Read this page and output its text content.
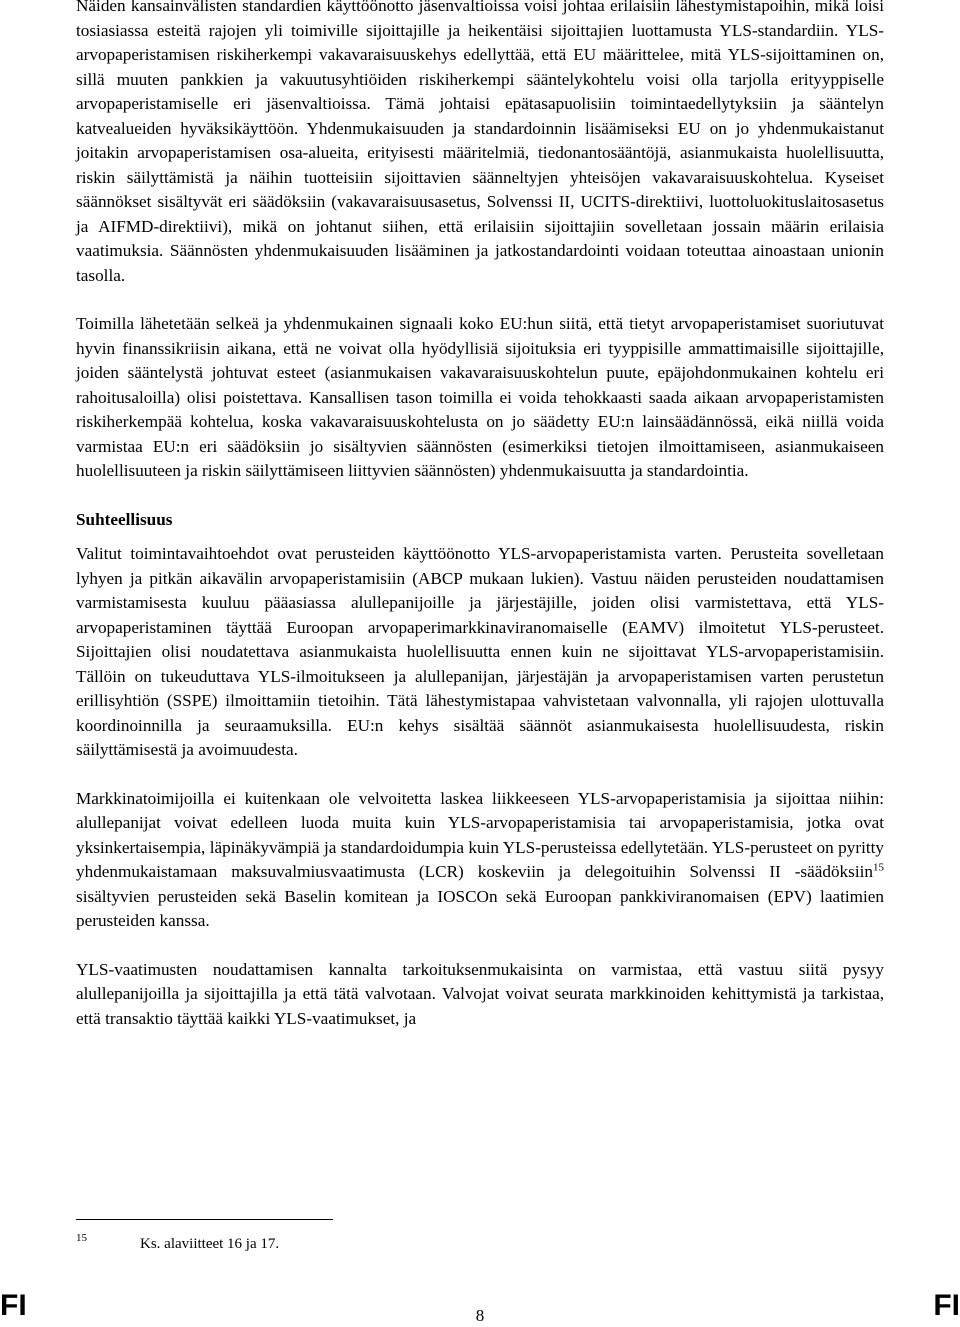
Näiden kansainvälisten standardien käyttöönotto jäsenvaltioissa voisi johtaa erilaisiin lähestymistapoihin, mikä loisi tosiasiassa esteitä rajojen yli toimiville sijoittajille ja heikentäisi sijoittajien luottamusta YLS-standardiin. YLS-arvopaperistamisen riskiherkempi vakavaraisuuskehys edellyttää, että EU määrittelee, mitä YLS-sijoittaminen on, sillä muuten pankkien ja vakuutusyhtiöiden riskiherkempi sääntelykohtelu voisi olla tarjolla erityyppiselle arvopaperistamiselle eri jäsenvaltioissa. Tämä johtaisi epätasapuolisiin toimintaedellytyksiin ja sääntelyn katvealueiden hyväksikäyttöön. Yhdenmukaisuuden ja standardoinnin lisäämiseksi EU on jo yhdenmukaistanut joitakin arvopaperistamisen osa-alueita, erityisesti määritelmiä, tiedonantosääntöjä, asianmukaista huolellisuutta, riskin säilyttämistä ja näihin tuotteisiin sijoittavien säänneltyjen yhteisöjen vakavaraisuuskohtelua. Kyseiset säännökset sisältyvät eri säädöksiin (vakavaraisuusasetus, Solvenssi II, UCITS-direktiivi, luottoluokituslaitosasetus ja AIFMD-direktiivi), mikä on johtanut siihen, että erilaisiin sijoittajiin sovelletaan jossain määrin erilaisia vaatimuksia. Säännösten yhdenmukaisuuden lisääminen ja jatkostandardointi voidaan toteuttaa ainoastaan unionin tasolla.

Toimilla lähetetään selkeä ja yhdenmukainen signaali koko EU:hun siitä, että tietyt arvopaperistamiset suoriutuvat hyvin finanssikriisin aikana, että ne voivat olla hyödyllisiä sijoituksia eri tyyppisille ammattimaisille sijoittajille, joiden sääntelystä johtuvat esteet (asianmukaisen vakavaraisuuskohtelun puute, epäjohdonmukainen kohtelu eri rahoitusaloilla) olisi poistettava. Kansallisen tason toimilla ei voida tehokkaasti saada aikaan arvopaperistamisten riskiherkempää kohtelua, koska vakavaraisuuskohtelusta on jo säädetty EU:n lainsäädännössä, eikä niillä voida varmistaa EU:n eri säädöksiin jo sisältyvien säännösten (esimerkiksi tietojen ilmoittamiseen, asianmukaiseen huolellisuuteen ja riskin säilyttämiseen liittyvien säännösten) yhdenmukaisuutta ja standardointia.

Suhteellisuus

Valitut toimintavaihtoehdot ovat perusteiden käyttöönotto YLS-arvopaperistamista varten. Perusteita sovelletaan lyhyen ja pitkän aikavälin arvopaperistamisiin (ABCP mukaan lukien). Vastuu näiden perusteiden noudattamisen varmistamisesta kuuluu pääasiassa alullepanijoille ja järjestäjille, joiden olisi varmistettava, että YLS-arvopaperistaminen täyttää Euroopan arvopaperimarkkinaviranomaiselle (EAMV) ilmoitetut YLS-perusteet. Sijoittajien olisi noudatettava asianmukaista huolellisuutta ennen kuin ne sijoittavat YLS-arvopaperistamisiin. Tällöin on tukeuduttava YLS-ilmoitukseen ja alullepanijan, järjestäjän ja arvopaperistamisen varten perustetun erillisyhtiön (SSPE) ilmoittamiin tietoihin. Tätä lähestymistapaa vahvistetaan valvonnalla, yli rajojen ulottuvalla koordinoinnilla ja seuraamuksilla. EU:n kehys sisältää säännöt asianmukaisesta huolellisuudesta, riskin säilyttämisestä ja avoimuudesta.

Markkinatoimijoilla ei kuitenkaan ole velvoitetta laskea liikkeeseen YLS-arvopaperistamisia ja sijoittaa niihin: alullepanijat voivat edelleen luoda muita kuin YLS-arvopaperistamisia tai arvopaperistamisia, jotka ovat yksinkertaisempia, läpinäkyvämpiä ja standardoidumpia kuin YLS-perusteissa edellytetään. YLS-perusteet on pyritty yhdenmukaistamaan maksuvalmiusvaatimusta (LCR) koskeviin ja delegoituihin Solvenssi II -säädöksiin$^{15}$ sisältyvien perusteiden sekä Baselin komitean ja IOSCOn sekä Euroopan pankkiviranomaisen (EPV) laatimien perusteiden kanssa.

YLS-vaatimusten noudattamisen kannalta tarkoituksenmukaisinta on varmistaa, että vastuu siitä pysyy alullepanijoilla ja sijoittajilla ja että tätä valvotaan. Valvojat voivat seurata markkinoiden kehittymistä ja tarkistaa, että transaktio täyttää kaikki YLS-vaatimukset, ja

15	Ks. alaviitteet 16 ja 17.
FI	8	FI
